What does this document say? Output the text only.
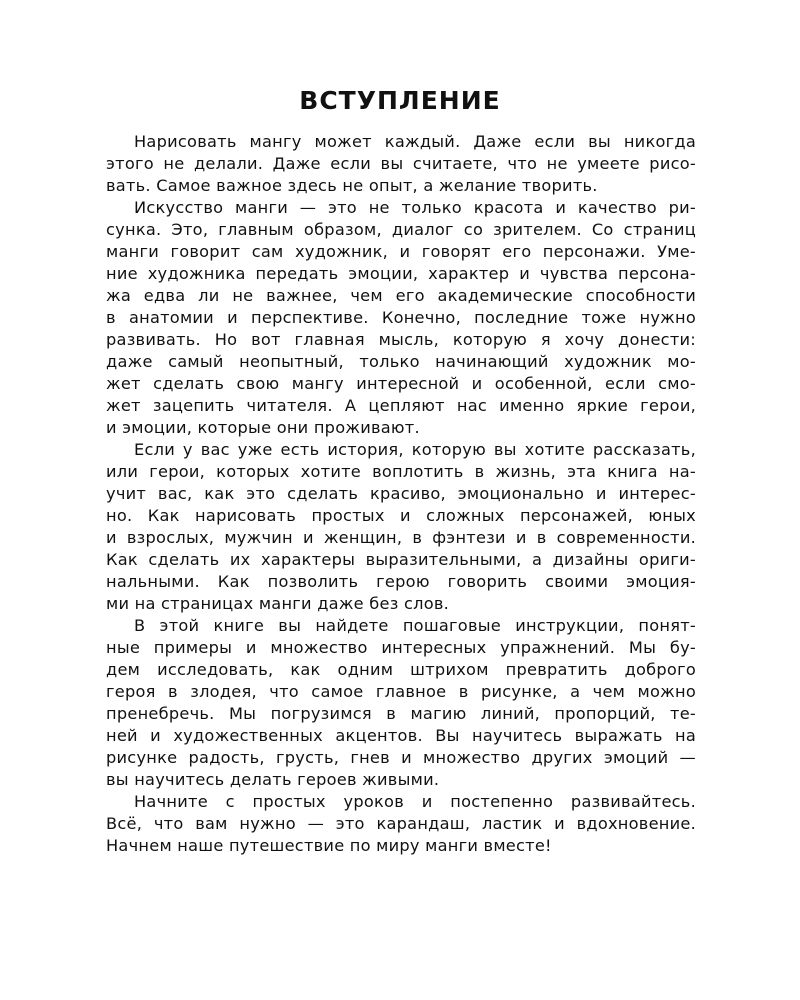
ВСТУПЛЕНИЕ
Нарисовать мангу может каждый. Даже если вы никогда
этого не делали. Даже если вы считаете, что не умеете рисо-
вать. Самое важное здесь не опыт, а желание творить.
Искусство манги — это не только красота и качество ри-
сунка. Это, главным образом, диалог со зрителем. Со страниц
манги говорит сам художник, и говорят его персонажи. Уме-
ние художника передать эмоции, характер и чувства персона-
жа едва ли не важнее, чем его академические способности
в анатомии и перспективе. Конечно, последние тоже нужно
развивать. Но вот главная мысль, которую я хочу донести:
даже самый неопытный, только начинающий художник мо-
жет сделать свою мангу интересной и особенной, если смо-
жет зацепить читателя. А цепляют нас именно яркие герои,
и эмоции, которые они проживают.
Если у вас уже есть история, которую вы хотите рассказать,
или герои, которых хотите воплотить в жизнь, эта книга на-
учит вас, как это сделать красиво, эмоционально и интерес-
но. Как нарисовать простых и сложных персонажей, юных
и взрослых, мужчин и женщин, в фэнтези и в современности.
Как сделать их характеры выразительными, а дизайны ориги-
нальными. Как позволить герою говорить своими эмоция-
ми на страницах манги даже без слов.
В этой книге вы найдете пошаговые инструкции, понят-
ные примеры и множество интересных упражнений. Мы бу-
дем исследовать, как одним штрихом превратить доброго
героя в злодея, что самое главное в рисунке, а чем можно
пренебречь. Мы погрузимся в магию линий, пропорций, те-
ней и художественных акцентов. Вы научитесь выражать на
рисунке радость, грусть, гнев и множество других эмоций —
вы научитесь делать героев живыми.
Начните с простых уроков и постепенно развивайтесь.
Всё, что вам нужно — это карандаш, ластик и вдохновение.
Начнем наше путешествие по миру манги вместе!
